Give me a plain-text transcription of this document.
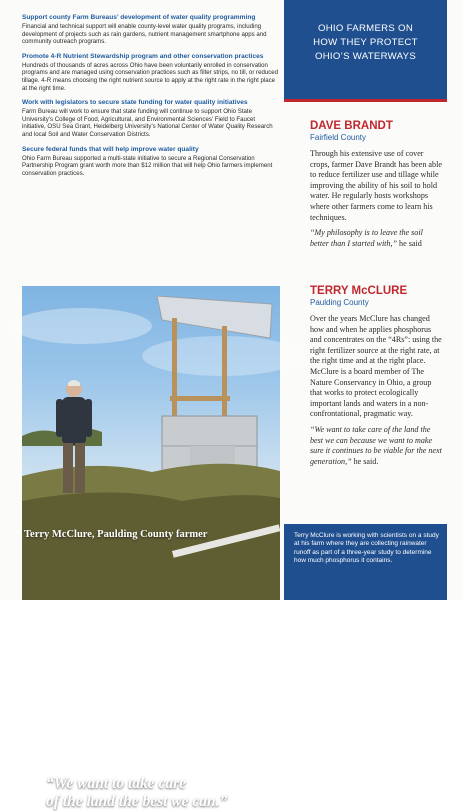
Support county Farm Bureaus’ development of water quality programming

Financial and technical support will enable county-level water quality programs, including development of projects such as rain gardens, nutrient management smartphone apps and community outreach programs.

Promote 4-R Nutrient Stewardship program and other conservation practices

Hundreds of thousands of acres across Ohio have been voluntarily enrolled in conservation programs and are managed using conservation practices such as filter strips, no till, or reduced tillage. 4-R means choosing the right nutrient source to apply at the right rate in the right place at the right time.

Work with legislators to secure state funding for water quality initiatives

Farm Bureau will work to ensure that state funding will continue to support Ohio State University’s College of Food, Agricultural, and Environmental Sciences’ Field to Faucet initiative, OSU Sea Grant, Heidelberg University’s National Center of Water Quality Research and local Soil and Water Conservation Districts.

Secure federal funds that will help improve water quality

Ohio Farm Bureau supported a multi-state initiative to secure a Regional Conservation Partnership Program grant worth more than $12 million that will help Ohio farmers implement conservation practices.

“We want to take care
of the land the best we can.”
Terry McClure, Paulding County farmer
OHIO FARMERS ON
HOW THEY PROTECT
OHIO’S WATERWAYS

DAVE BRANDT

Fairfield County

Through his extensive use of cover crops, farmer Dave Brandt has been able to reduce fertilizer use and tillage while improving the ability of his soil to hold water. He regularly hosts workshops where other farmers come to learn his techniques.

“My philosophy is to leave the soil better than I started with,” he said

TERRY McCLURE

Paulding County

Over the years McClure has changed how and when he applies phosphorus and concentrates on the “4Rs”: using the right fertilizer source at the right rate, at the right time and at the right place. McClure is a board member of The Nature Conservancy in Ohio, a group that works to protect ecologically important lands and waters in a non-confrontational, pragmatic way.

“We want to take care of the land the best we can because we want to make sure it continues to be viable for the next generation,” he said.

Terry McClure is working with scientists on a study at his farm where they are collecting rainwater runoff as part of a three-year study to determine how much phosphorus it contains.
